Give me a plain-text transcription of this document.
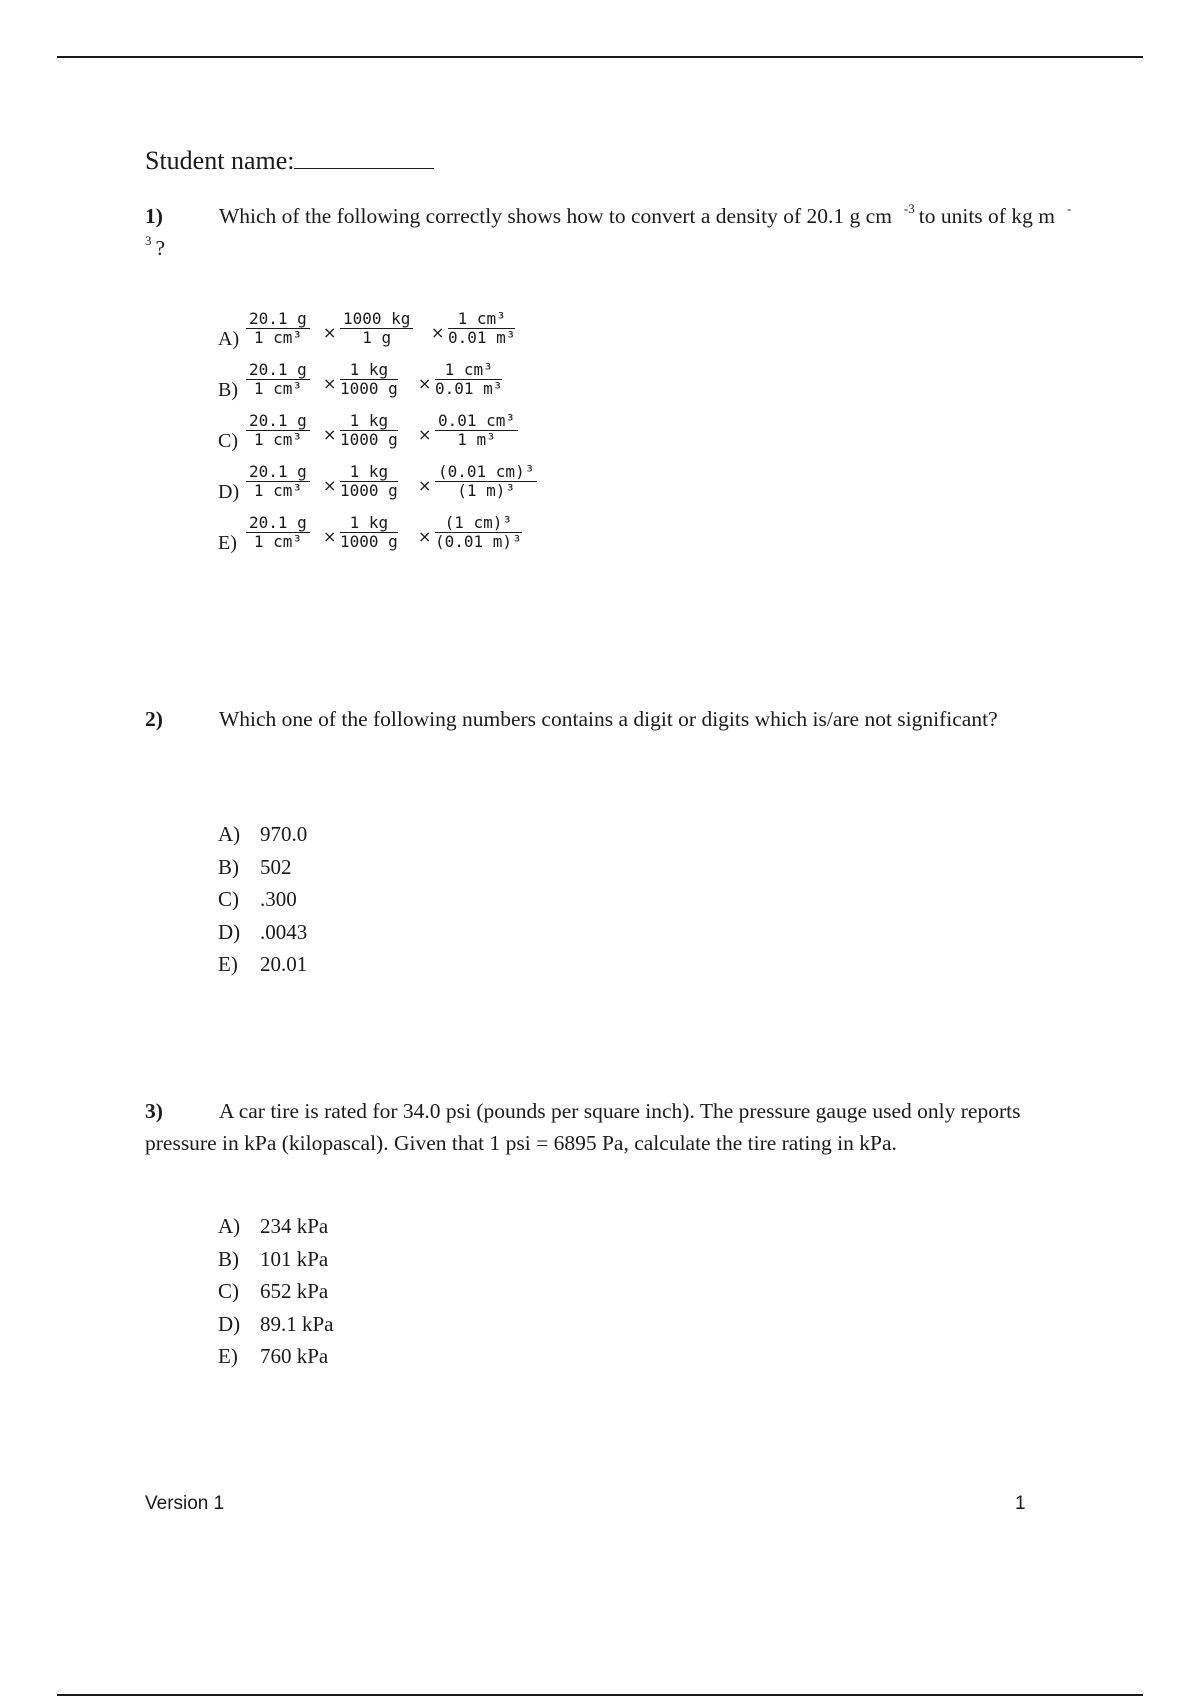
Student name:
1)	Which of the following correctly shows how to convert a density of 20.1 g cm $^{-3}$ to units of kg m $^{-3}$ ?
$A) \frac{20.1 g}{\text{1 cm³}} \times \frac{1000 kg}{1 g} \times \frac{\text{1 cm³}}{\text{0.01 m³}}$
$B) \frac{20.1 g}{\text{1 cm³}} \times \frac{1 kg}{1000 g} \times \frac{\text{1 cm³}}{\text{0.01 m³}}$
$C) \frac{20.1 g}{\text{1 cm³}} \times \frac{1 kg}{1000 g} \times \frac{\text{0.01 cm³}}{\text{1 m³}}$
$D) \frac{20.1 g}{\text{1 cm³}} \times \frac{1 kg}{1000 g} \times \frac{\text{(0.01 cm)³}}{\text{(1 m)³}}$
$E) \frac{20.1 g}{\text{1 cm³}} \times \frac{1 kg}{1000 g} \times \frac{\text{(1 cm)³}}{\text{(0.01 m)³}}$
2)	Which one of the following numbers contains a digit or digits which is/are not significant?
A) 970.0
B) 502
C) .300
D) .0043
E) 20.01
3)	A car tire is rated for 34.0 psi (pounds per square inch). The pressure gauge used only reports pressure in kPa (kilopascal). Given that 1 psi = 6895 Pa, calculate the tire rating in kPa.
A) 234 kPa
B) 101 kPa
C) 652 kPa
D) 89.1 kPa
E) 760 kPa
Version 1	1
